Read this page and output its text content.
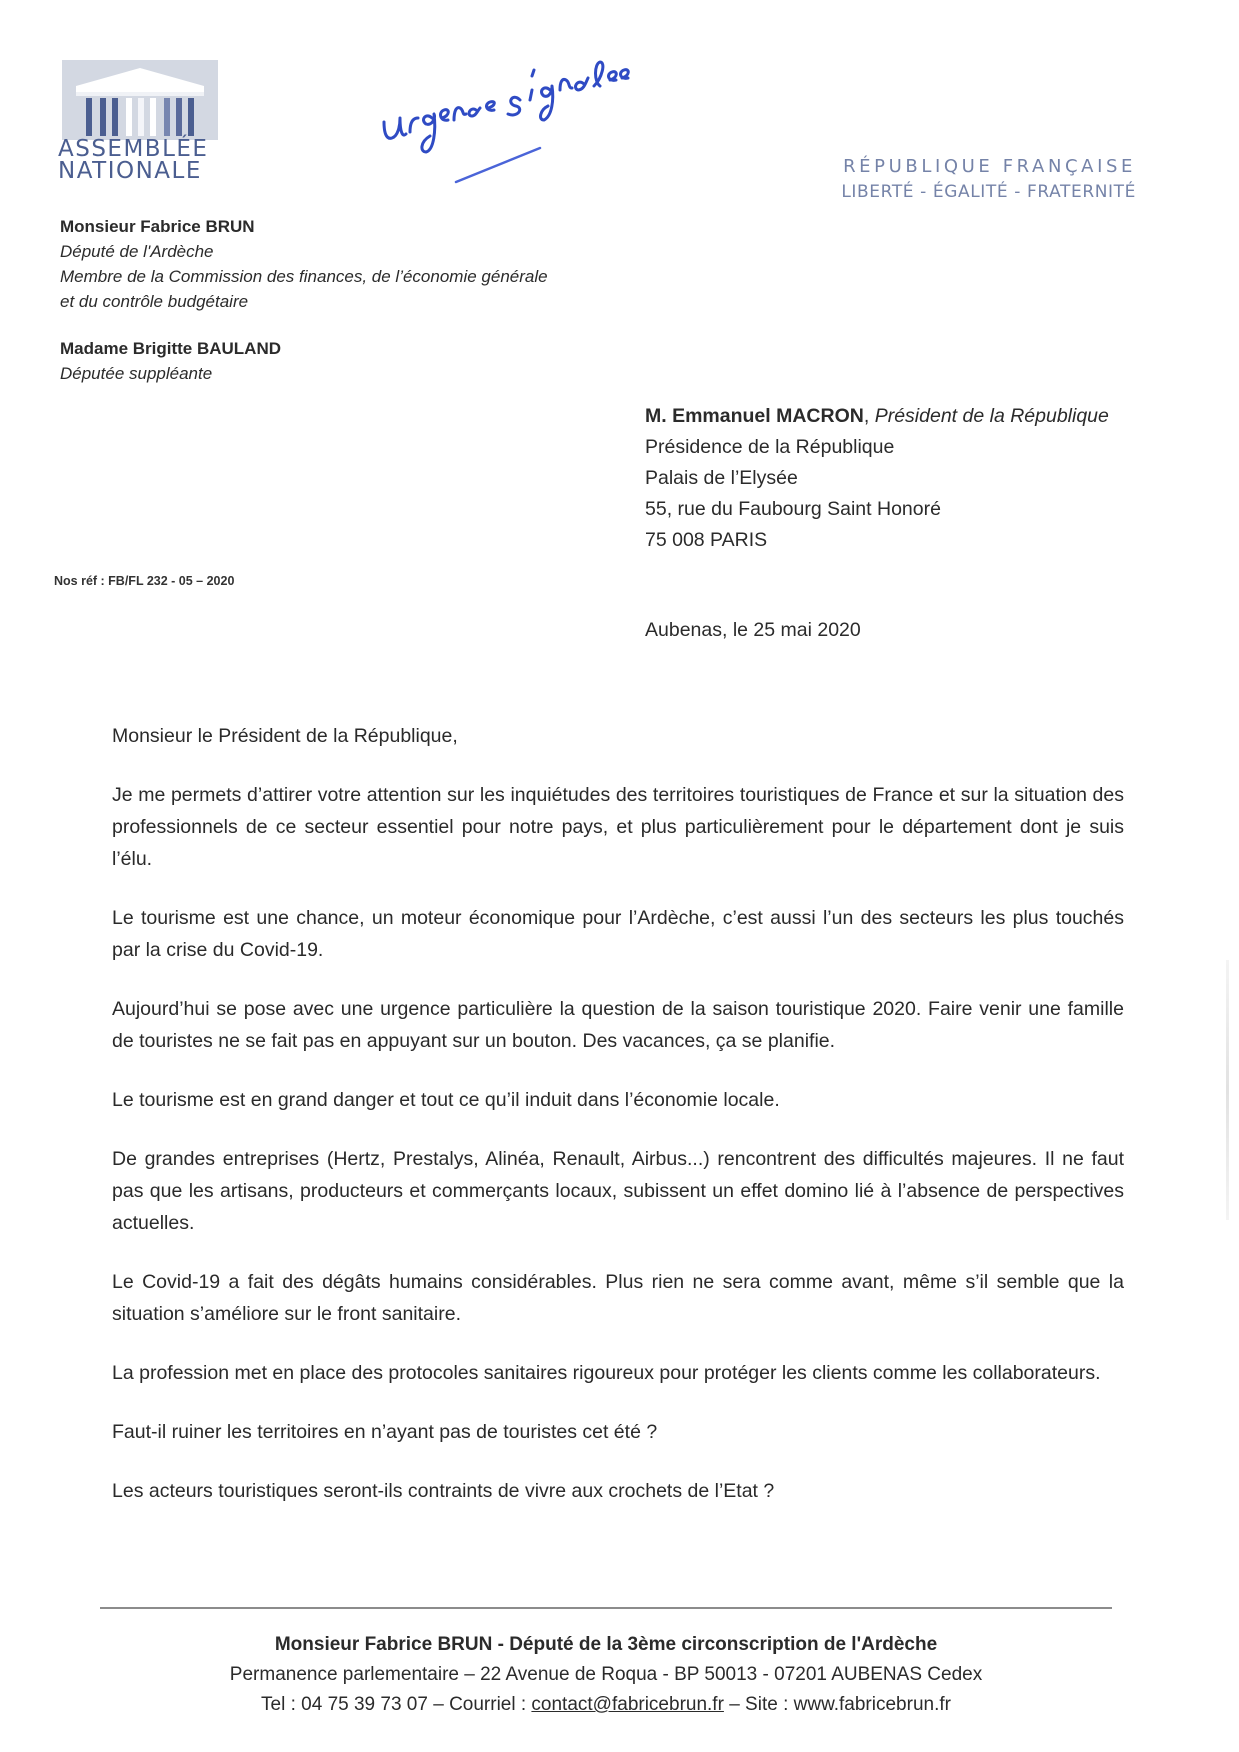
ASSEMBLÉE
NATIONALE	RÉPUBLIQUE FRANÇAISE
LIBERTÉ - ÉGALITÉ - FRATERNITÉ
Monsieur Fabrice BRUN
Député de l'Ardèche
Membre de la Commission des finances, de l’économie générale
et du contrôle budgétaire
Madame Brigitte BAULAND
Députée suppléante
M. Emmanuel MACRON, Président de la République
Présidence de la République
Palais de l’Elysée
55, rue du Faubourg Saint Honoré
75 008 PARIS
Nos réf : FB/FL 232 - 05 – 2020
Aubenas, le 25 mai 2020

Monsieur le Président de la République,

Je me permets d’attirer votre attention sur les inquiétudes des territoires touristiques de France et sur la situation des professionnels de ce secteur essentiel pour notre pays, et plus particulièrement pour le département dont je suis l’élu.

Le tourisme est une chance, un moteur économique pour l’Ardèche, c’est aussi l’un des secteurs les plus touchés par la crise du Covid-19.

Aujourd’hui se pose avec une urgence particulière la question de la saison touristique 2020. Faire venir une famille de touristes ne se fait pas en appuyant sur un bouton. Des vacances, ça se planifie.

Le tourisme est en grand danger et tout ce qu’il induit dans l’économie locale.

De grandes entreprises (Hertz, Prestalys, Alinéa, Renault, Airbus...) rencontrent des difficultés majeures. Il ne faut pas que les artisans, producteurs et commerçants locaux, subissent un effet domino lié à l’absence de perspectives actuelles.

Le Covid-19 a fait des dégâts humains considérables. Plus rien ne sera comme avant, même s’il semble que la situation s’améliore sur le front sanitaire.

La profession met en place des protocoles sanitaires rigoureux pour protéger les clients comme les collaborateurs.

Faut-il ruiner les territoires en n’ayant pas de touristes cet été ?

Les acteurs touristiques seront-ils contraints de vivre aux crochets de l’Etat ?

Monsieur Fabrice BRUN - Député de la 3ème circonscription de l'Ardèche
Permanence parlementaire – 22 Avenue de Roqua - BP 50013 - 07201 AUBENAS Cedex
Tel : 04 75 39 73 07 – Courriel : contact@fabricebrun.fr – Site : www.fabricebrun.fr
